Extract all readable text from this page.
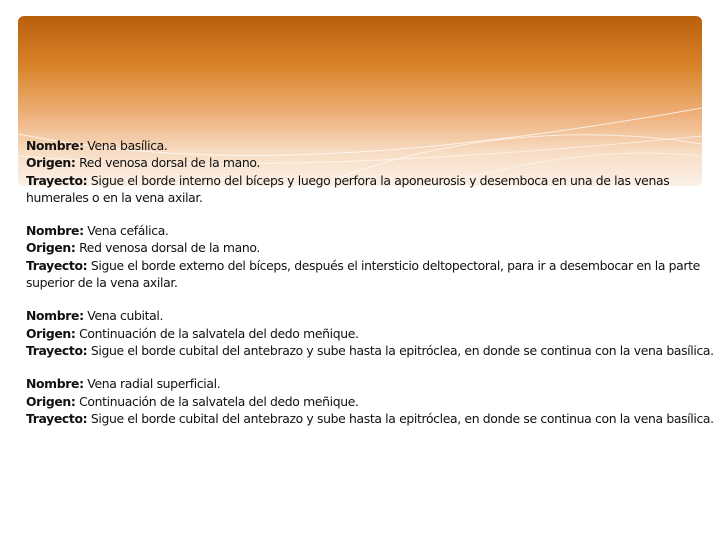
Nombre: Vena basílica.

Origen: Red venosa dorsal de la mano.

Trayecto: Sigue el borde interno del bíceps y luego perfora la aponeurosis y desemboca en una de las venas humerales o en la vena axilar.

Nombre: Vena cefálica.

Origen: Red venosa dorsal de la mano.

Trayecto: Sigue el borde externo del bíceps, después el intersticio deltopectoral, para ir a desembocar en la parte superior de la vena axilar.

Nombre: Vena cubital.

Origen: Continuación de la salvatela del dedo meñique.

Trayecto: Sigue el borde cubital del antebrazo y sube hasta la epitróclea, en donde se continua con la vena basílica.

Nombre: Vena radial superficial.

Origen: Continuación de la salvatela del dedo meñique.

Trayecto: Sigue el borde cubital del antebrazo y sube hasta la epitróclea, en donde se continua con la vena basílica.
